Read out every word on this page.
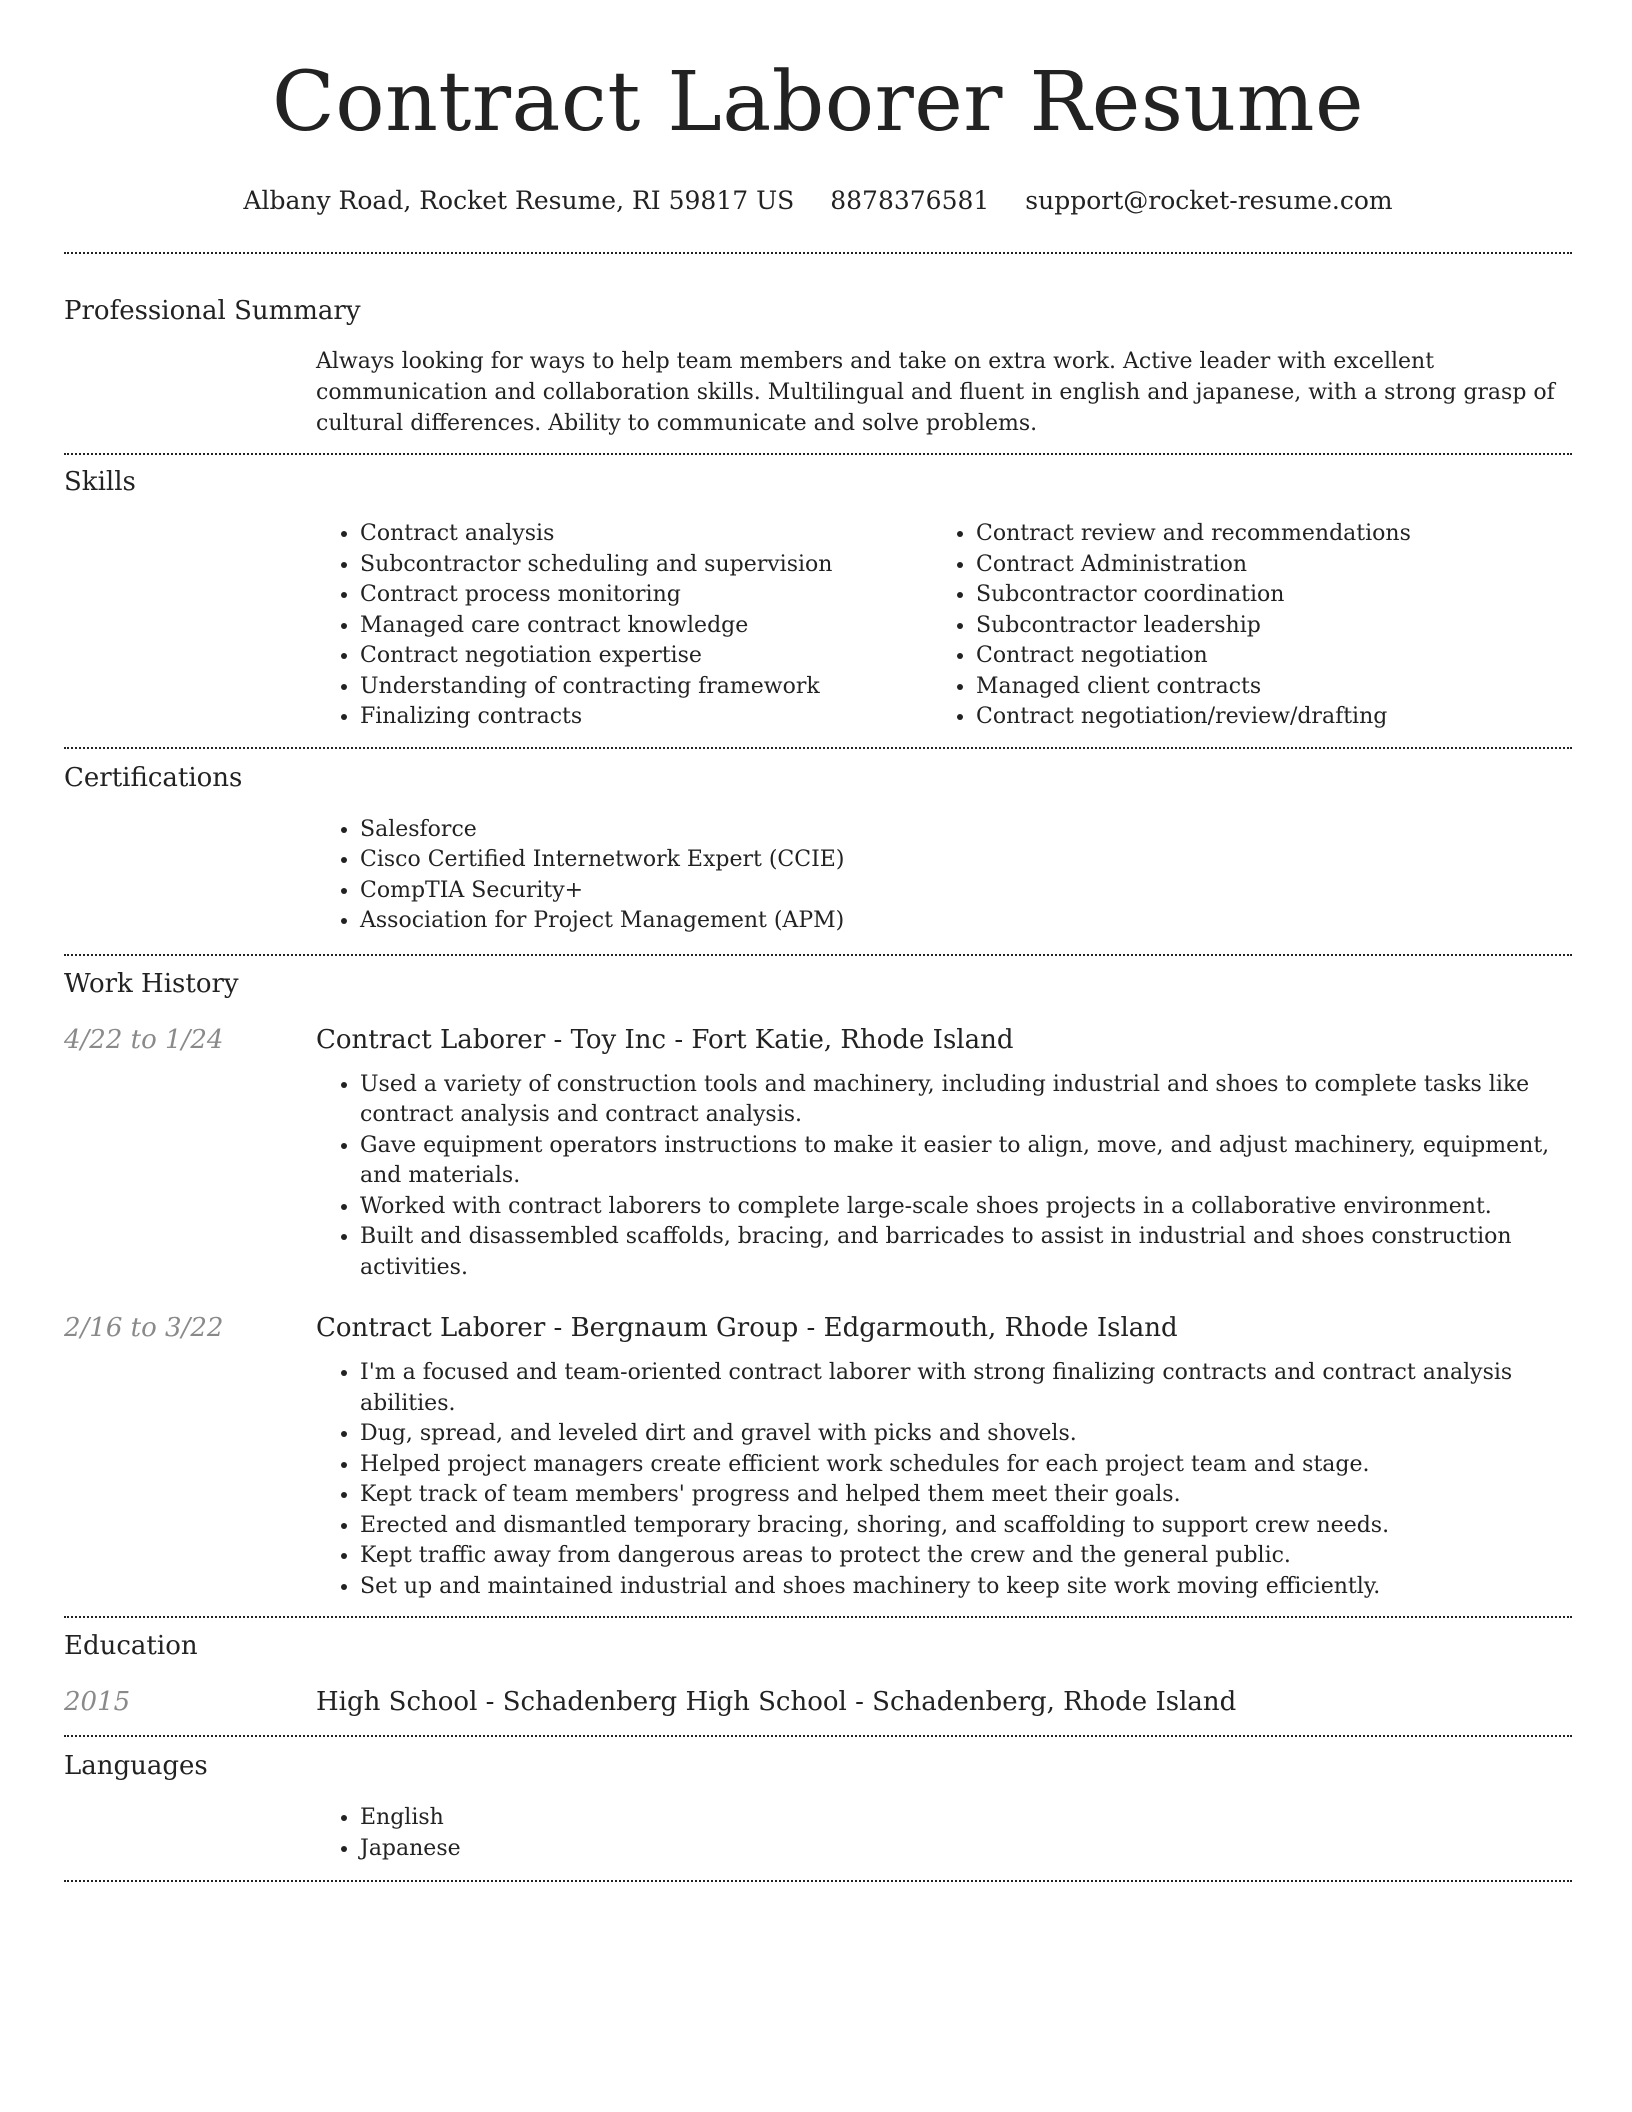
Contract Laborer Resume
Albany Road, Rocket Resume, RI 59817 US 8878376581 support@rocket-resume.com
Professional Summary

Always looking for ways to help team members and take on extra work. Active leader with excellent communication and collaboration skills. Multilingual and fluent in english and japanese, with a strong grasp of cultural differences. Ability to communicate and solve problems.

Skills
• Contract analysis
• Subcontractor scheduling and supervision
• Contract process monitoring
• Managed care contract knowledge
• Contract negotiation expertise
• Understanding of contracting framework
• Finalizing contracts
• Contract review and recommendations
• Contract Administration
• Subcontractor coordination
• Subcontractor leadership
• Contract negotiation
• Managed client contracts
• Contract negotiation/review/drafting
Certifications
• Salesforce
• Cisco Certified Internetwork Expert (CCIE)
• CompTIA Security+
• Association for Project Management (APM)
Work History
4/22 to 1/24	Contract Laborer - Toy Inc - Fort Katie, Rhode Island
• Used a variety of construction tools and machinery, including industrial and shoes to complete tasks like contract analysis and contract analysis.
• Gave equipment operators instructions to make it easier to align, move, and adjust machinery, equipment, and materials.
• Worked with contract laborers to complete large-scale shoes projects in a collaborative environment.
• Built and disassembled scaffolds, bracing, and barricades to assist in industrial and shoes construction activities.
2/16 to 3/22	Contract Laborer - Bergnaum Group - Edgarmouth, Rhode Island
• I'm a focused and team-oriented contract laborer with strong finalizing contracts and contract analysis abilities.
• Dug, spread, and leveled dirt and gravel with picks and shovels.
• Helped project managers create efficient work schedules for each project team and stage.
• Kept track of team members' progress and helped them meet their goals.
• Erected and dismantled temporary bracing, shoring, and scaffolding to support crew needs.
• Kept traffic away from dangerous areas to protect the crew and the general public.
• Set up and maintained industrial and shoes machinery to keep site work moving efficiently.
Education
2015	High School - Schadenberg High School - Schadenberg, Rhode Island
Languages
• English
• Japanese
